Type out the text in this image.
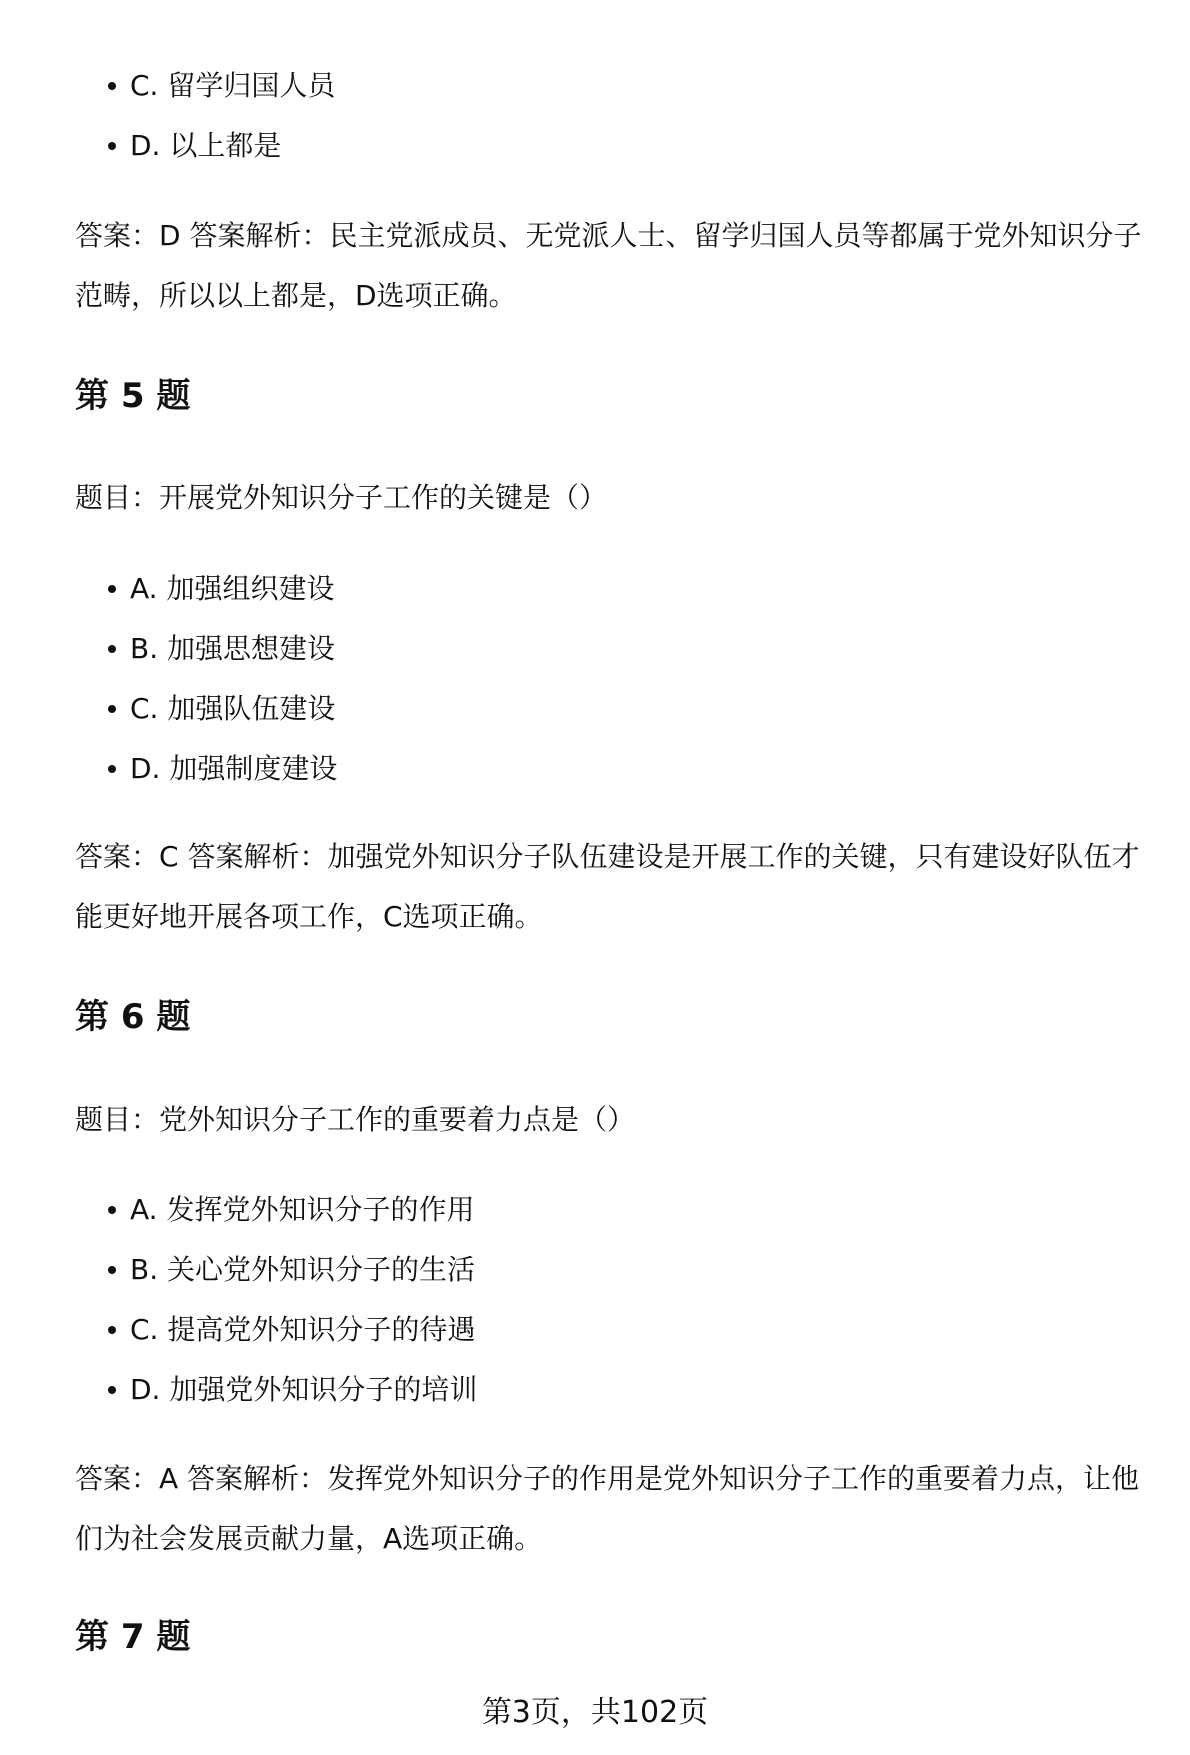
C. 留学归国人员
D. 以上都是
答案：D 答案解析：民主党派成员、无党派人士、留学归国人员等都属于党外知识分子范畴，所以以上都是，D选项正确。
第 5 题
题目：开展党外知识分子工作的关键是（）
A. 加强组织建设
B. 加强思想建设
C. 加强队伍建设
D. 加强制度建设
答案：C 答案解析：加强党外知识分子队伍建设是开展工作的关键，只有建设好队伍才能更好地开展各项工作，C选项正确。
第 6 题
题目：党外知识分子工作的重要着力点是（）
A. 发挥党外知识分子的作用
B. 关心党外知识分子的生活
C. 提高党外知识分子的待遇
D. 加强党外知识分子的培训
答案：A 答案解析：发挥党外知识分子的作用是党外知识分子工作的重要着力点，让他们为社会发展贡献力量，A选项正确。
第 7 题
第3页，共102页
